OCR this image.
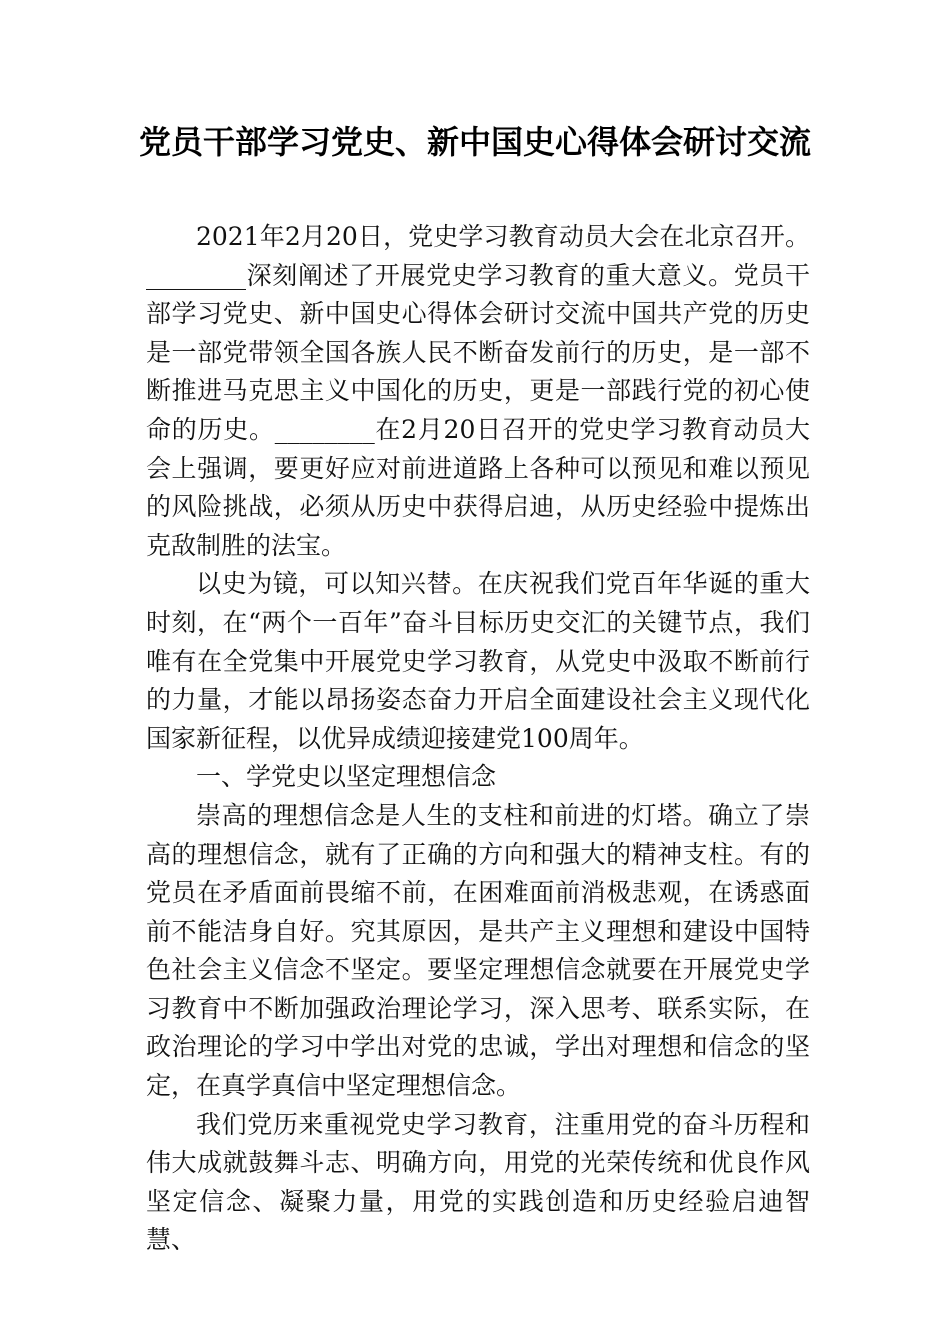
党员干部学习党史、新中国史心得体会研讨交流

2021年2月20日，党史学习教育动员大会在北京召开。________深刻阐述了开展党史学习教育的重大意义。党员干部学习党史、新中国史心得体会研讨交流中国共产党的历史是一部党带领全国各族人民不断奋发前行的历史，是一部不断推进马克思主义中国化的历史，更是一部践行党的初心使命的历史。________在2月20日召开的党史学习教育动员大会上强调，要更好应对前进道路上各种可以预见和难以预见的风险挑战，必须从历史中获得启迪，从历史经验中提炼出克敌制胜的法宝。

以史为镜，可以知兴替。在庆祝我们党百年华诞的重大时刻，在“两个一百年”奋斗目标历史交汇的关键节点，我们唯有在全党集中开展党史学习教育，从党史中汲取不断前行的力量，才能以昂扬姿态奋力开启全面建设社会主义现代化国家新征程，以优异成绩迎接建党100周年。

一、学党史以坚定理想信念

崇高的理想信念是人生的支柱和前进的灯塔。确立了崇高的理想信念，就有了正确的方向和强大的精神支柱。有的党员在矛盾面前畏缩不前，在困难面前消极悲观，在诱惑面前不能洁身自好。究其原因，是共产主义理想和建设中国特色社会主义信念不坚定。要坚定理想信念就要在开展党史学习教育中不断加强政治理论学习，深入思考、联系实际，在政治理论的学习中学出对党的忠诚，学出对理想和信念的坚定，在真学真信中坚定理想信念。

我们党历来重视党史学习教育，注重用党的奋斗历程和伟大成就鼓舞斗志、明确方向，用党的光荣传统和优良作风坚定信念、凝聚力量，用党的实践创造和历史经验启迪智慧、
